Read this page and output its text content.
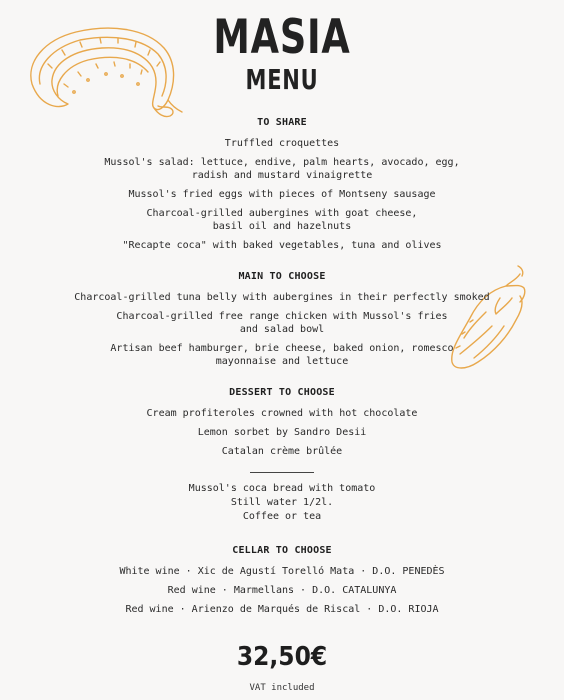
MASIA
MENU
TO SHARE
Truffled croquettes
Mussol's salad: lettuce, endive, palm hearts, avocado, egg,
radish and mustard vinaigrette
Mussol's fried eggs with pieces of Montseny sausage
Charcoal-grilled aubergines with goat cheese,
basil oil and hazelnuts
"Recapte coca" with baked vegetables, tuna and olives
MAIN TO CHOOSE
Charcoal-grilled tuna belly with aubergines in their perfectly smoked
Charcoal-grilled free range chicken with Mussol's fries
and salad bowl
Artisan beef hamburger, brie cheese, baked onion, romesco
mayonnaise and lettuce
DESSERT TO CHOOSE
Cream profiteroles crowned with hot chocolate
Lemon sorbet by Sandro Desii
Catalan crème brûlée
Mussol's coca bread with tomato
Still water 1/2l.
Coffee or tea
CELLAR TO CHOOSE
White wine · Xic de Agustí Torelló Mata · D.O. PENEDÈS
Red wine · Marmellans · D.O. CATALUNYA
Red wine · Arienzo de Marqués de Riscal · D.O. RIOJA
32,50€
VAT included
